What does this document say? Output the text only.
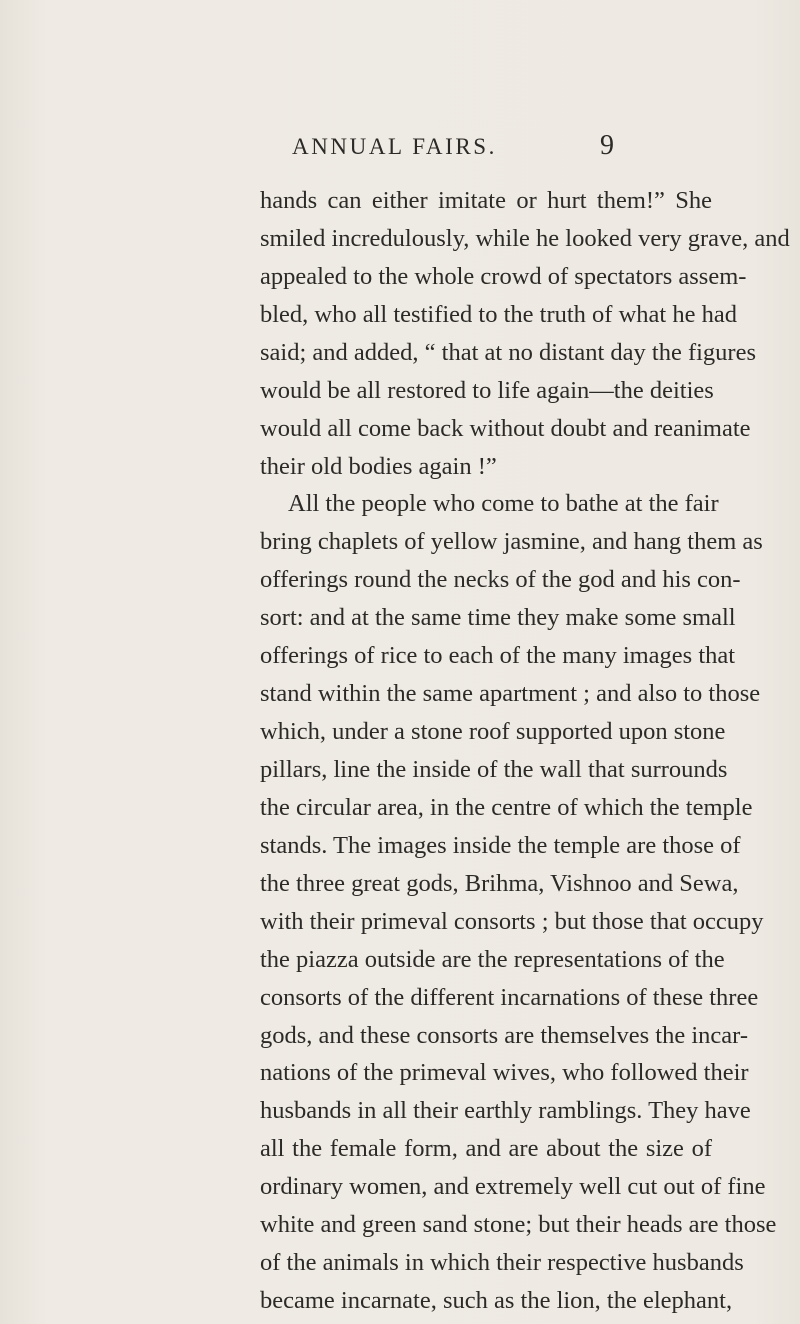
ANNUAL FAIRS.	9
hands can either imitate or hurt them!” She
smiled incredulously, while he looked very grave, and
appealed to the whole crowd of spectators assem-
bled, who all testified to the truth of what he had
said; and added, “ that at no distant day the figures
would be all restored to life again—the deities
would all come back without doubt and reanimate
their old bodies again !”
All the people who come to bathe at the fair
bring chaplets of yellow jasmine, and hang them as
offerings round the necks of the god and his con-
sort: and at the same time they make some small
offerings of rice to each of the many images that
stand within the same apartment ; and also to those
which, under a stone roof supported upon stone
pillars, line the inside of the wall that surrounds
the circular area, in the centre of which the temple
stands. The images inside the temple are those of
the three great gods, Brihma, Vishnoo and Sewa,
with their primeval consorts ; but those that occupy
the piazza outside are the representations of the
consorts of the different incarnations of these three
gods, and these consorts are themselves the incar-
nations of the primeval wives, who followed their
husbands in all their earthly ramblings. They have
all the female form, and are about the size of
ordinary women, and extremely well cut out of fine
white and green sand stone; but their heads are those
of the animals in which their respective husbands
became incarnate, such as the lion, the elephant,
